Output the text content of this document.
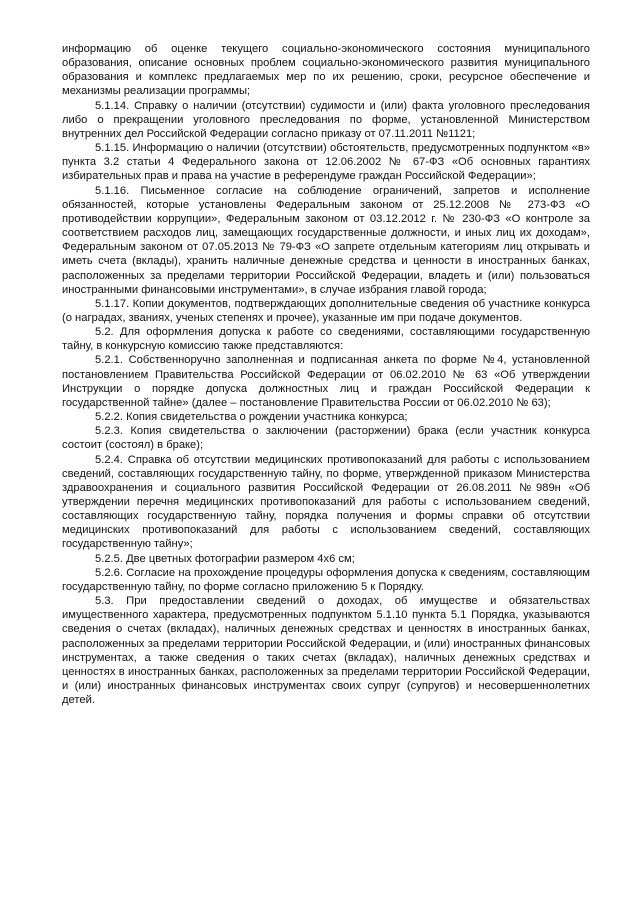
информацию об оценке текущего социально-экономического состояния муниципального образования, описание основных проблем социально-экономического развития муниципального образования и комплекс предлагаемых мер по их решению, сроки, ресурсное обеспечение и механизмы реализации программы;

5.1.14. Справку о наличии (отсутствии) судимости и (или) факта уголовного преследования либо о прекращении уголовного преследования по форме, установленной Министерством внутренних дел Российской Федерации согласно приказу от 07.11.2011 №1121;

5.1.15. Информацию о наличии (отсутствии) обстоятельств, предусмотренных подпунктом «в» пункта 3.2 статьи 4 Федерального закона от 12.06.2002 № 67-ФЗ «Об основных гарантиях избирательных прав и права на участие в референдуме граждан Российской Федерации»;

5.1.16. Письменное согласие на соблюдение ограничений, запретов и исполнение обязанностей, которые установлены Федеральным законом от 25.12.2008 № 273-ФЗ «О противодействии коррупции», Федеральным законом от 03.12.2012 г. № 230-ФЗ «О контроле за соответствием расходов лиц, замещающих государственные должности, и иных лиц их доходам», Федеральным законом от 07.05.2013 № 79-ФЗ «О запрете отдельным категориям лиц открывать и иметь счета (вклады), хранить наличные денежные средства и ценности в иностранных банках, расположенных за пределами территории Российской Федерации, владеть и (или) пользоваться иностранными финансовыми инструментами», в случае избрания главой города;

5.1.17. Копии документов, подтверждающих дополнительные сведения об участнике конкурса (о наградах, званиях, ученых степенях и прочее), указанные им при подаче документов.

5.2. Для оформления допуска к работе со сведениями, составляющими государственную тайну, в конкурсную комиссию также представляются:

5.2.1. Собственноручно заполненная и подписанная анкета по форме №4, установленной постановлением Правительства Российской Федерации от 06.02.2010 № 63 «Об утверждении Инструкции о порядке допуска должностных лиц и граждан Российской Федерации к государственной тайне» (далее – постановление Правительства России от 06.02.2010 № 63);

5.2.2. Копия свидетельства о рождении участника конкурса;

5.2.3. Копия свидетельства о заключении (расторжении) брака (если участник конкурса состоит (состоял) в браке);

5.2.4. Справка об отсутствии медицинских противопоказаний для работы с использованием сведений, составляющих государственную тайну, по форме, утвержденной приказом Министерства здравоохранения и социального развития Российской Федерации от 26.08.2011 №989н «Об утверждении перечня медицинских противопоказаний для работы с использованием сведений, составляющих государственную тайну, порядка получения и формы справки об отсутствии медицинских противопоказаний для работы с использованием сведений, составляющих государственную тайну»;

5.2.5. Две цветных фотографии размером 4х6 см;

5.2.6. Согласие на прохождение процедуры оформления допуска к сведениям, составляющим государственную тайну, по форме согласно приложению 5 к Порядку.

5.3. При предоставлении сведений о доходах, об имуществе и обязательствах имущественного характера, предусмотренных подпунктом 5.1.10 пункта 5.1 Порядка, указываются сведения о счетах (вкладах), наличных денежных средствах и ценностях в иностранных банках, расположенных за пределами территории Российской Федерации, и (или) иностранных финансовых инструментах, а также сведения о таких счетах (вкладах), наличных денежных средствах и ценностях в иностранных банках, расположенных за пределами территории Российской Федерации, и (или) иностранных финансовых инструментах своих супруг (супругов) и несовершеннолетних детей.
